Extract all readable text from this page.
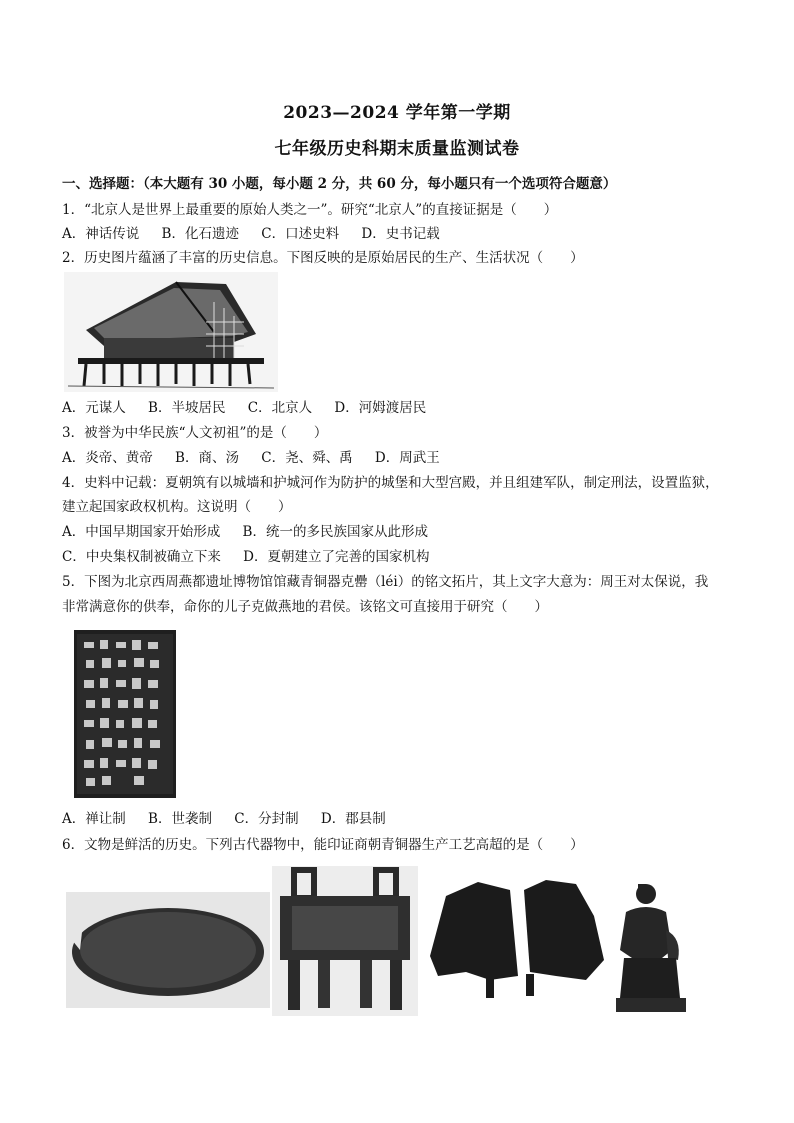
2023—2024 学年第一学期
七年级历史科期末质量监测试卷
一、选择题：（本大题有 30 小题，每小题 2 分，共 60 分，每小题只有一个选项符合题意）
1．“北京人是世界上最重要的原始人类之一”。研究“北京人”的直接证据是（　　）
A．神话传说 B．化石遗迹 C．口述史料 D．史书记载
2．历史图片蕴涵了丰富的历史信息。下图反映的是原始居民的生产、生活状况（　　）
A．元谋人 B．半坡居民 C．北京人 D．河姆渡居民
3．被誉为中华民族“人文初祖”的是（　　）
A．炎帝、黄帝 B．商、汤 C．尧、舜、禹 D．周武王
4．史料中记载：夏朝筑有以城墙和护城河作为防护的城堡和大型宫殿，并且组建军队，制定刑法，设置监狱，
建立起国家政权机构。这说明（　　）
A．中国早期国家开始形成 B．统一的多民族国家从此形成
C．中央集权制被确立下来 D．夏朝建立了完善的国家机构
5．下图为北京西周燕都遗址博物馆馆藏青铜器克罍（léi）的铭文拓片，其上文字大意为：周王对太保说，我
非常满意你的供奉，命你的儿子克做燕地的君侯。该铭文可直接用于研究（　　）
A．禅让制 B．世袭制 C．分封制 D．郡县制
6．文物是鲜活的历史。下列古代器物中，能印证商朝青铜器生产工艺高超的是（　　）
